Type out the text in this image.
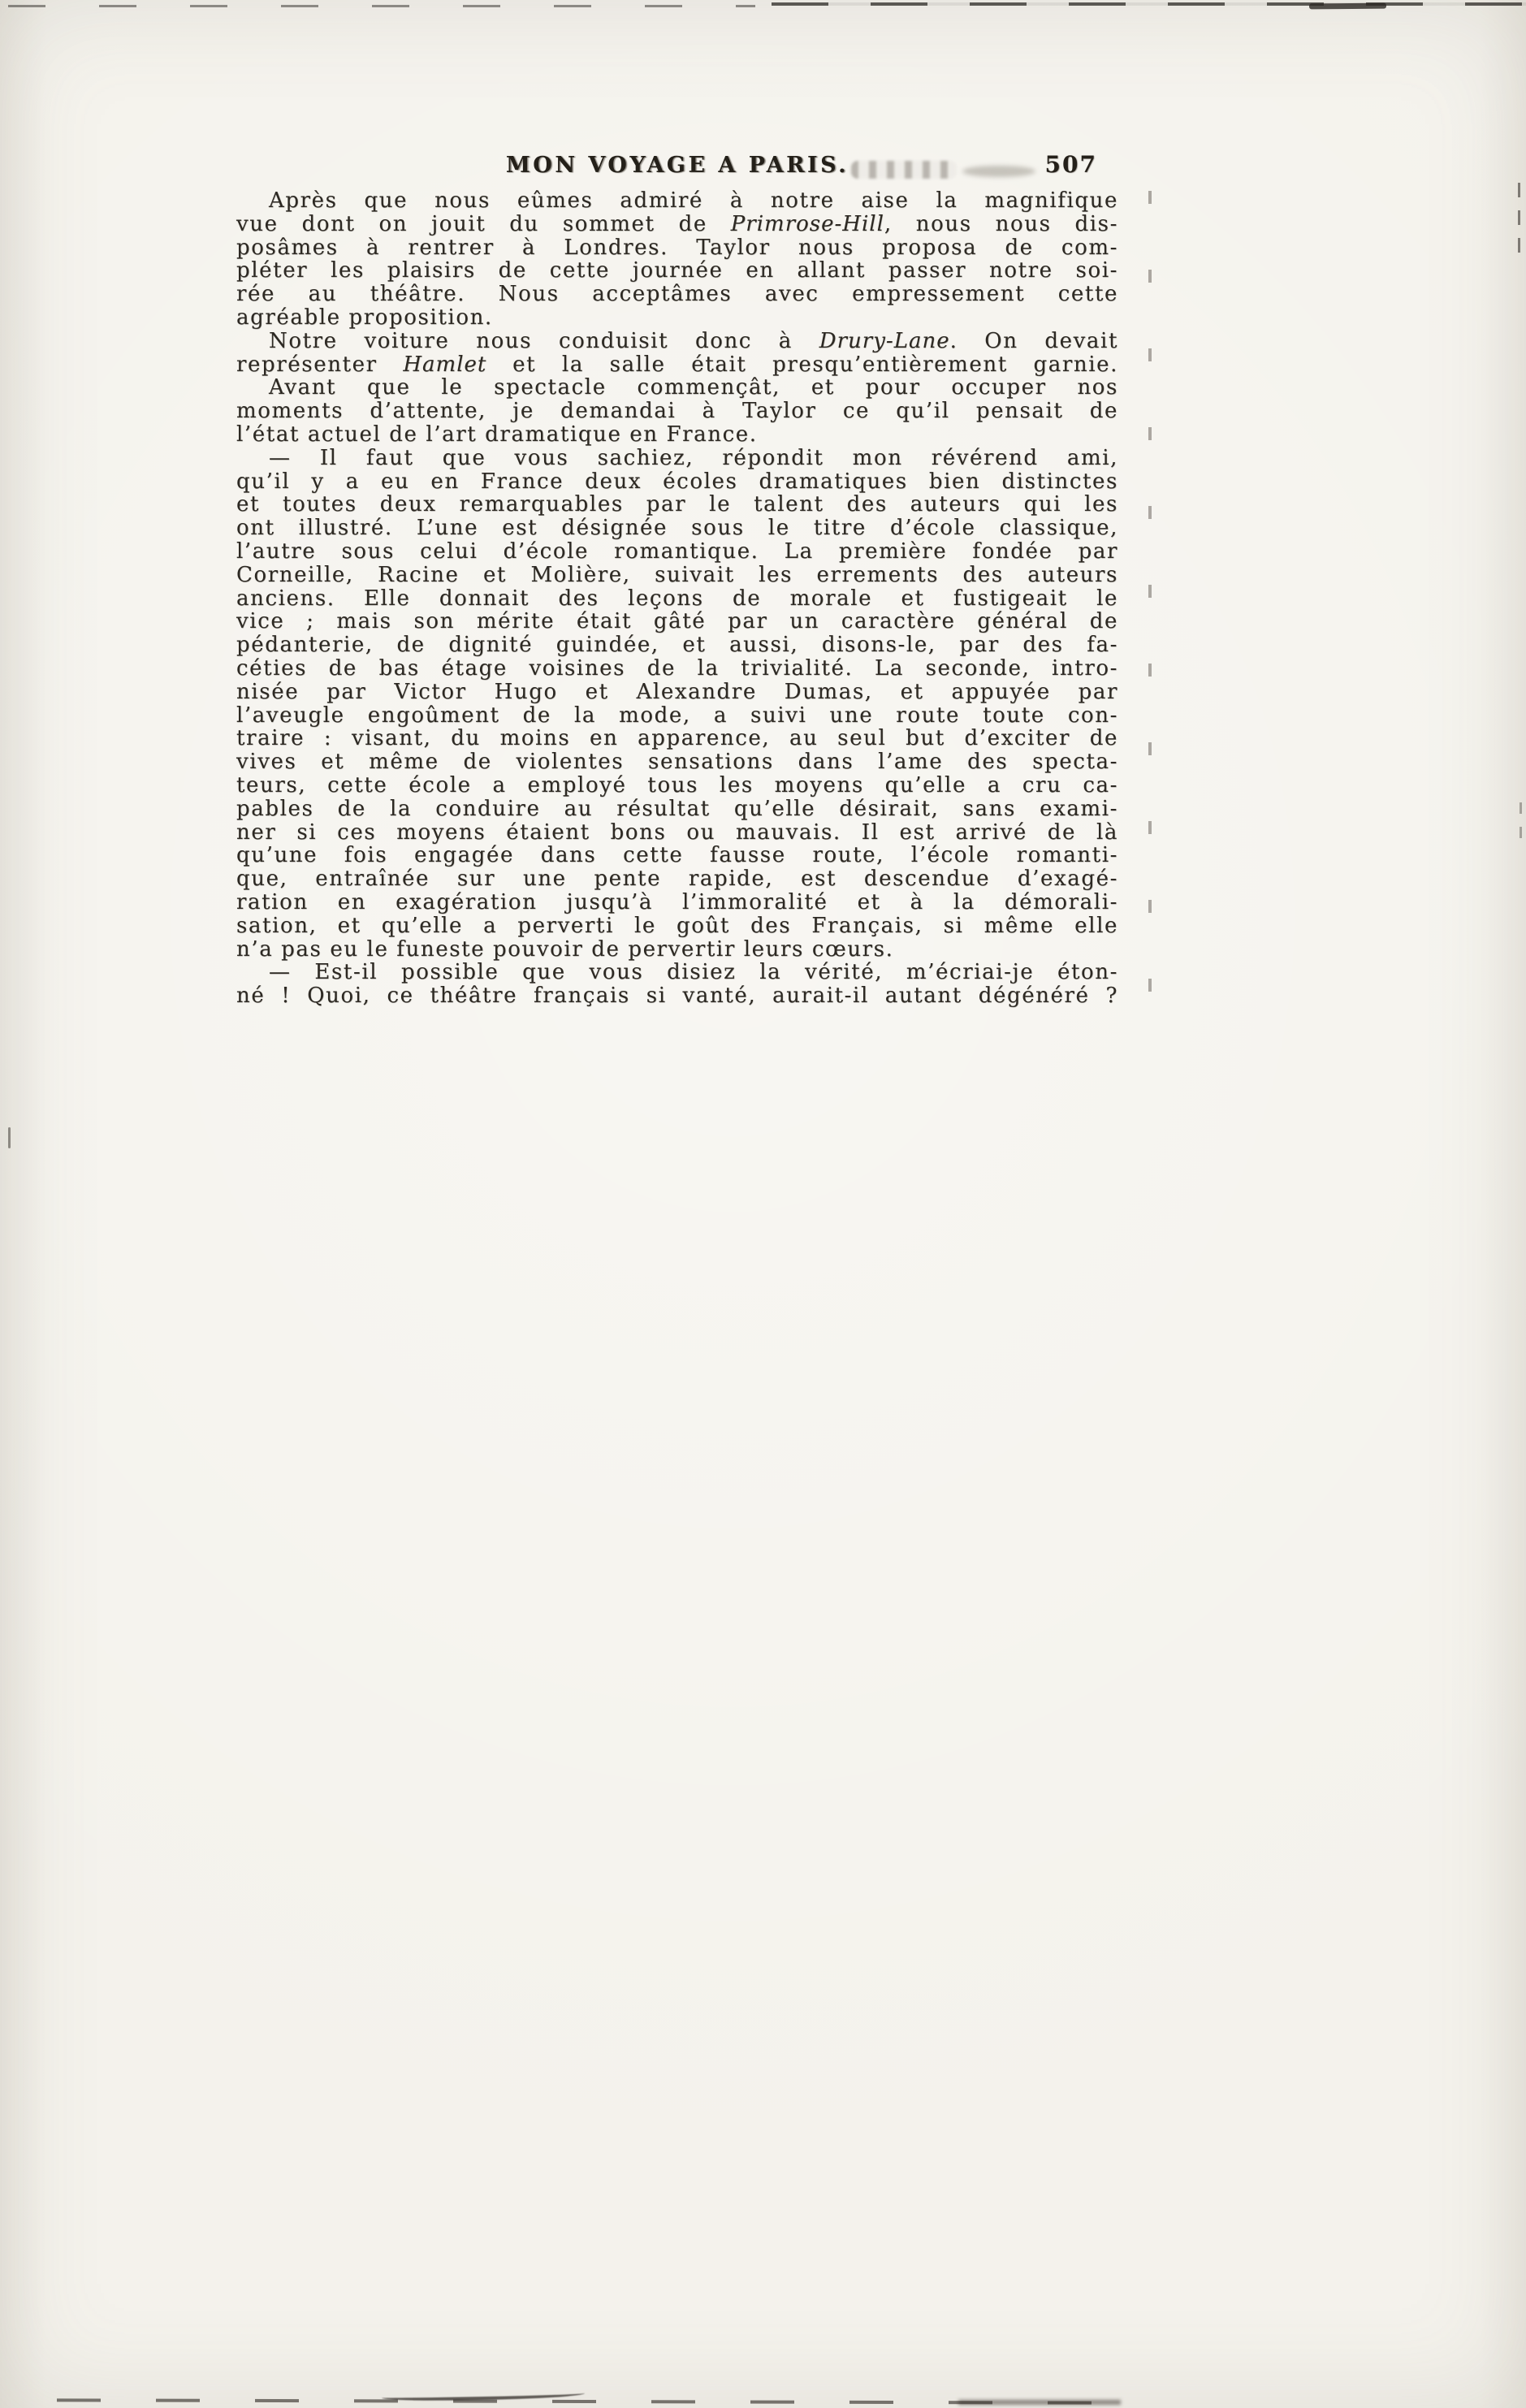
MON VOYAGE A PARIS.	507
Après que nous eûmes admiré à notre aise la magnifique
vue dont on jouit du sommet de Primrose-Hill, nous nous dis-
posâmes à rentrer à Londres. Taylor nous proposa de com-
pléter les plaisirs de cette journée en allant passer notre soi-
rée au théâtre. Nous acceptâmes avec empressement cette
agréable proposition.
Notre voiture nous conduisit donc à Drury-Lane. On devait
représenter Hamlet et la salle était presqu’entièrement garnie.
Avant que le spectacle commençât, et pour occuper nos
moments d’attente, je demandai à Taylor ce qu’il pensait de
l’état actuel de l’art dramatique en France.
— Il faut que vous sachiez, répondit mon révérend ami,
qu’il y a eu en France deux écoles dramatiques bien distinctes
et toutes deux remarquables par le talent des auteurs qui les
ont illustré. L’une est désignée sous le titre d’école classique,
l’autre sous celui d’école romantique. La première fondée par
Corneille, Racine et Molière, suivait les errements des auteurs
anciens. Elle donnait des leçons de morale et fustigeait le
vice ; mais son mérite était gâté par un caractère général de
pédanterie, de dignité guindée, et aussi, disons-le, par des fa-
céties de bas étage voisines de la trivialité. La seconde, intro-
nisée par Victor Hugo et Alexandre Dumas, et appuyée par
l’aveugle engoûment de la mode, a suivi une route toute con-
traire : visant, du moins en apparence, au seul but d’exciter de
vives et même de violentes sensations dans l’ame des specta-
teurs, cette école a employé tous les moyens qu’elle a cru ca-
pables de la conduire au résultat qu’elle désirait, sans exami-
ner si ces moyens étaient bons ou mauvais. Il est arrivé de là
qu’une fois engagée dans cette fausse route, l’école romanti-
que, entraînée sur une pente rapide, est descendue d’exagé-
ration en exagération jusqu’à l’immoralité et à la démorali-
sation, et qu’elle a perverti le goût des Français, si même elle
n’a pas eu le funeste pouvoir de pervertir leurs cœurs.
— Est-il possible que vous disiez la vérité, m’écriai-je éton-
né ! Quoi, ce théâtre français si vanté, aurait-il autant dégénéré ?
